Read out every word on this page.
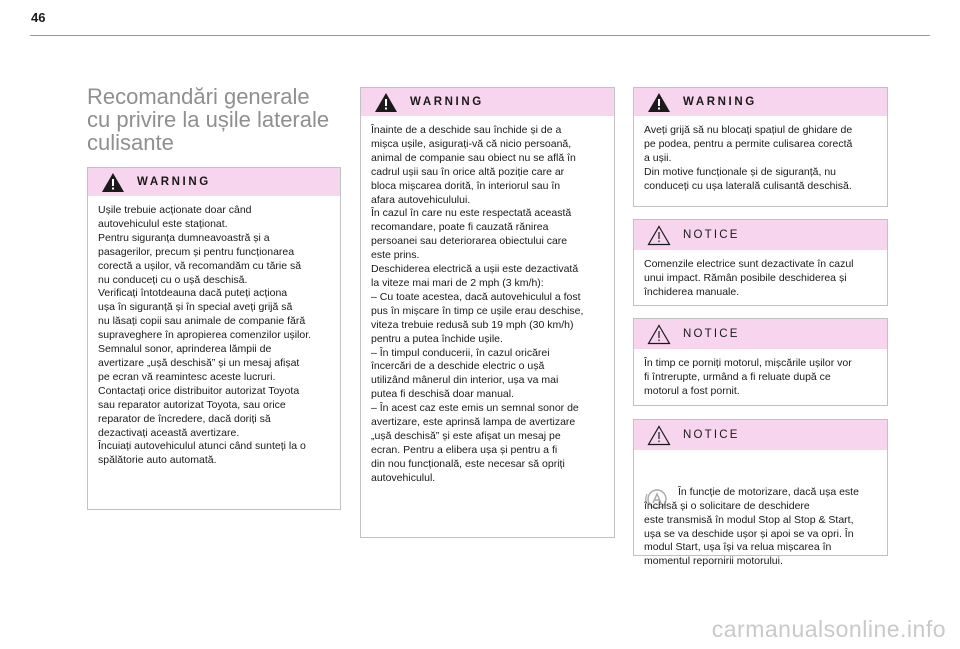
46
Recomandări generale
cu privire la ușile laterale
culisante
WARNING
Ușile trebuie acționate doar când
autovehiculul este staționat.
Pentru siguranța dumneavoastră și a
pasagerilor, precum și pentru funcționarea
corectă a ușilor, vă recomandăm cu tărie să
nu conduceți cu o ușă deschisă.
Verificați întotdeauna dacă puteți acționa
ușa în siguranță și în special aveți grijă să
nu lăsați copii sau animale de companie fără
supraveghere în apropierea comenzilor ușilor.
Semnalul sonor, aprinderea lămpii de
avertizare „ușă deschisă” și un mesaj afișat
pe ecran vă reamintesc aceste lucruri.
Contactați orice distribuitor autorizat Toyota
sau reparator autorizat Toyota, sau orice
reparator de încredere, dacă doriți să
dezactivați această avertizare.
Încuiați autovehiculul atunci când sunteți la o
spălătorie auto automată.
WARNING
Înainte de a deschide sau închide și de a
mișca ușile, asigurați-vă că nicio persoană,
animal de companie sau obiect nu se află în
cadrul ușii sau în orice altă poziție care ar
bloca mișcarea dorită, în interiorul sau în
afara autovehiculului.
În cazul în care nu este respectată această
recomandare, poate fi cauzată rănirea
persoanei sau deteriorarea obiectului care
este prins.
Deschiderea electrică a ușii este dezactivată
la viteze mai mari de 2 mph (3 km/h):
– Cu toate acestea, dacă autovehiculul a fost
pus în mișcare în timp ce ușile erau deschise,
viteza trebuie redusă sub 19 mph (30 km/h)
pentru a putea închide ușile.
– În timpul conducerii, în cazul oricărei
încercări de a deschide electric o ușă
utilizând mânerul din interior, ușa va mai
putea fi deschisă doar manual.
– În acest caz este emis un semnal sonor de
avertizare, este aprinsă lampa de avertizare
„ușă deschisă” și este afișat un mesaj pe
ecran. Pentru a elibera ușa și pentru a fi
din nou funcțională, este necesar să opriți
autovehiculul.
WARNING
Aveți grijă să nu blocați spațiul de ghidare de
pe podea, pentru a permite culisarea corectă
a ușii.
Din motive funcționale și de siguranță, nu
conduceți cu ușa laterală culisantă deschisă.
NOTICE
Comenzile electrice sunt dezactivate în cazul
unui impact. Rămân posibile deschiderea și
închiderea manuale.
NOTICE
În timp ce porniți motorul, mișcările ușilor vor
fi întrerupte, urmând a fi reluate după ce
motorul a fost pornit.
NOTICE

În funcție de motorizare, dacă ușa este
închisă și o solicitare de deschidere
este transmisă în modul Stop al Stop & Start,
ușa se va deschide ușor și apoi se va opri. În
modul Start, ușa își va relua mișcarea în
momentul repornirii motorului.

carmanualsonline.info
